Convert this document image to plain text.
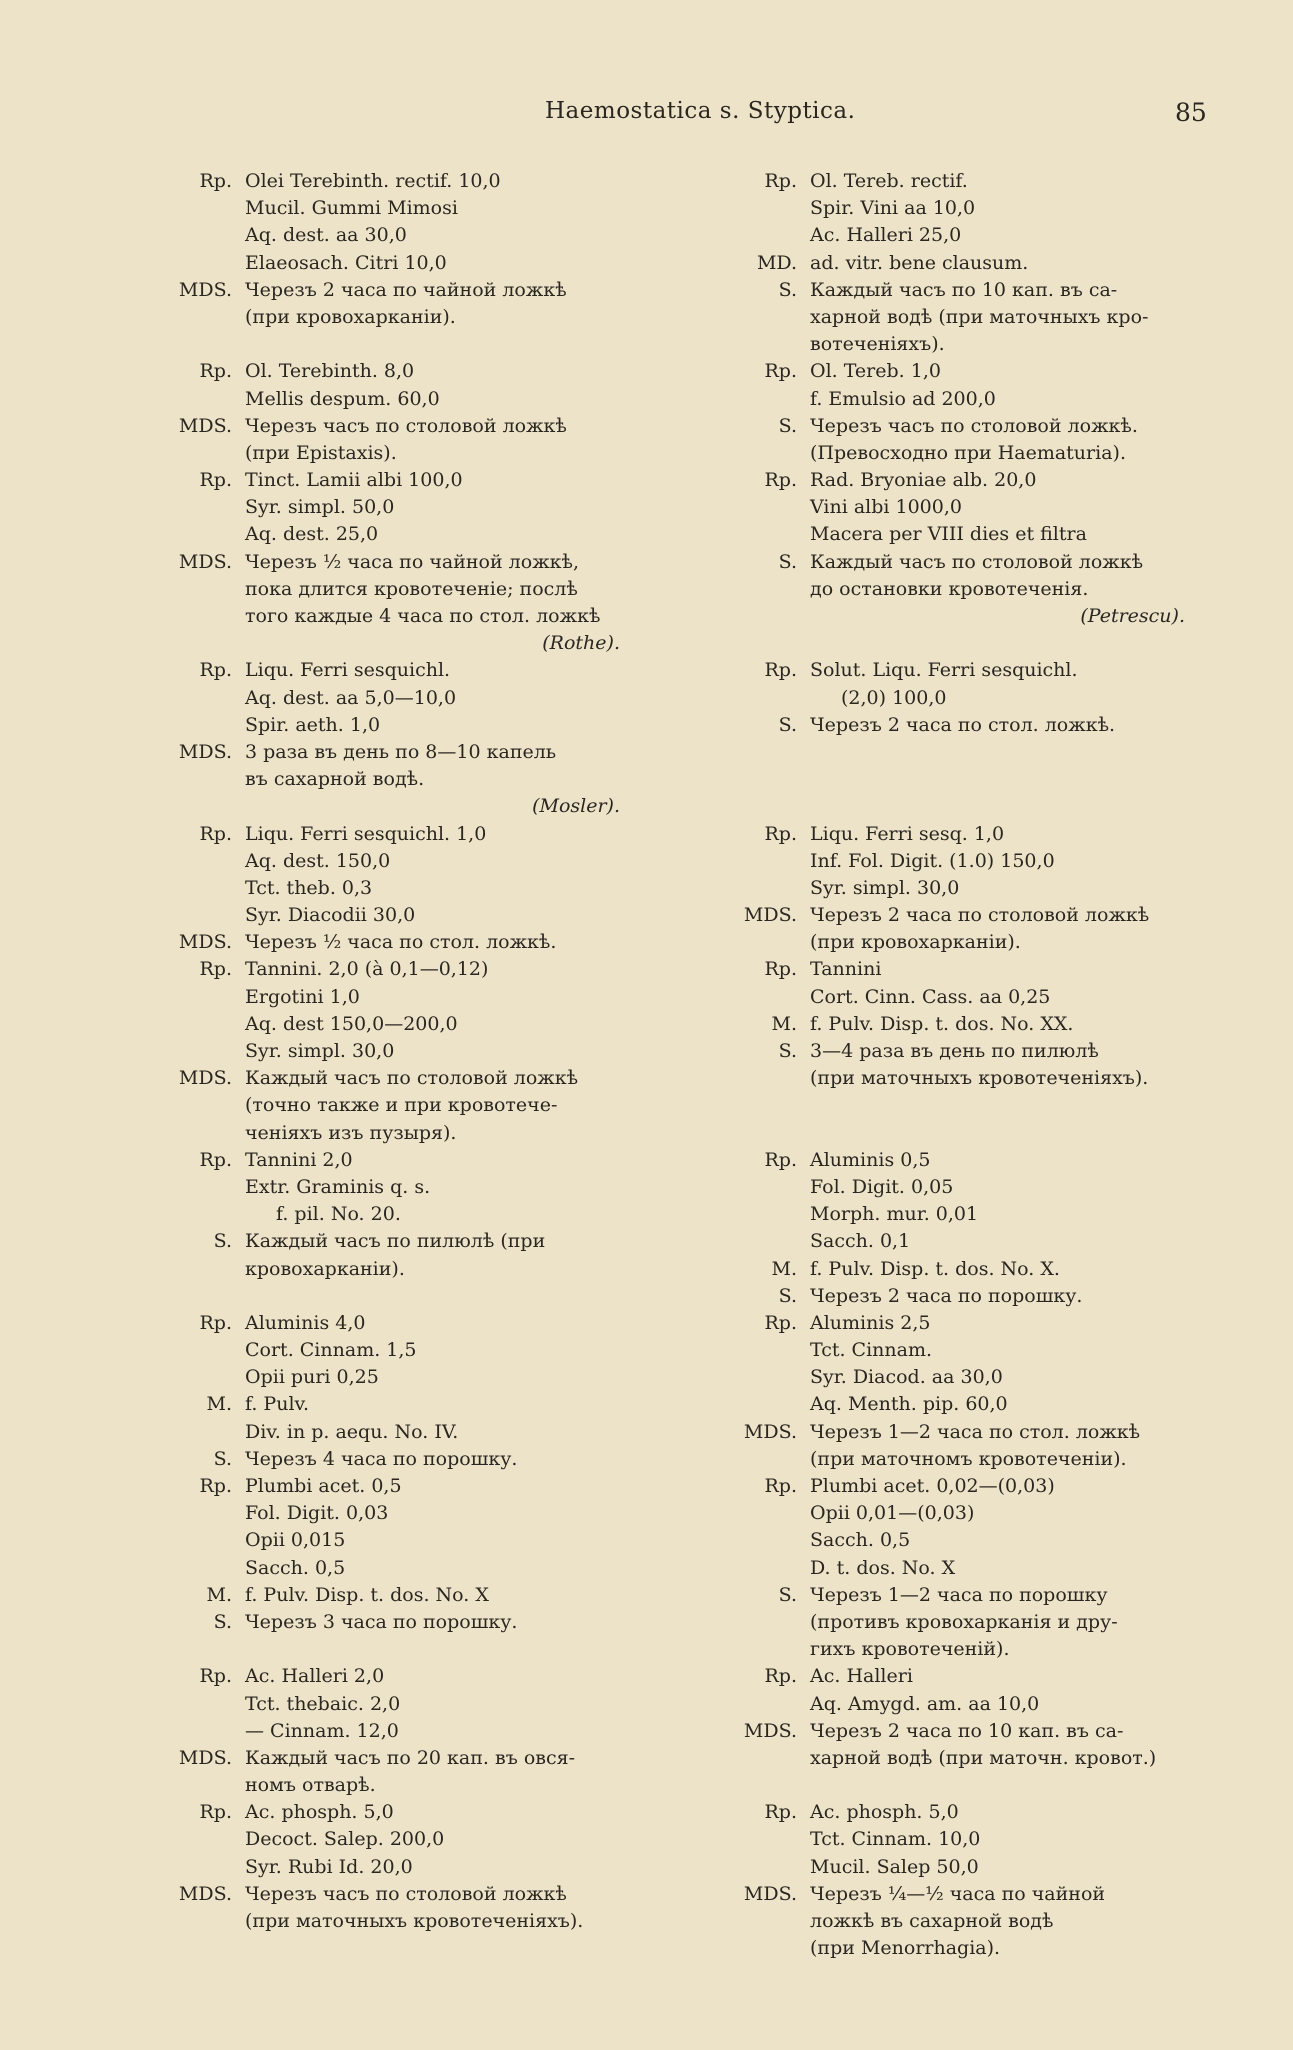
Haemostatica s. Styptica.	85
Rp. Olei Terebinth. rectif. 10,0
Mucil. Gummi Mimosi
Aq. dest. aa 30,0
Elaeosach. Citri 10,0
MDS. Черезъ 2 часа по чайной ложкѣ
(при кровохарканіи).
Rp. Ol. Terebinth. 8,0
Mellis despum. 60,0
MDS. Черезъ часъ по столовой ложкѣ
(при Epistaxis).
Rp. Tinct. Lamii albi 100,0
Syr. simpl. 50,0
Aq. dest. 25,0
MDS. Черезъ ½ часа по чайной ложкѣ,
пока длится кровотеченіе; послѣ
того каждые 4 часа по стол. ложкѣ
(Rothe).
Rp. Liqu. Ferri sesquichl.
Aq. dest. aa 5,0—10,0
Spir. aeth. 1,0
MDS. 3 раза въ день по 8—10 капель
въ сахарной водѣ.
(Mosler).
Rp. Liqu. Ferri sesquichl. 1,0
Aq. dest. 150,0
Tct. theb. 0,3
Syr. Diacodii 30,0
MDS. Черезъ ½ часа по стол. ложкѣ.
Rp. Tannini. 2,0 (à 0,1—0,12)
Ergotini 1,0
Aq. dest 150,0—200,0
Syr. simpl. 30,0
MDS. Каждый часъ по столовой ложкѣ
(точно также и при кровотече-
ченіяхъ изъ пузыря).
Rp. Tannini 2,0
Extr. Graminis q. s.
f. pil. No. 20.
S. Каждый часъ по пилюлѣ (при
кровохарканіи).
Rp. Aluminis 4,0
Cort. Cinnam. 1,5
Opii puri 0,25
M. f. Pulv.
Div. in p. aequ. No. IV.
S. Черезъ 4 часа по порошку.
Rp. Plumbi acet. 0,5
Fol. Digit. 0,03
Opii 0,015
Sacch. 0,5
M. f. Pulv. Disp. t. dos. No. X
S. Черезъ 3 часа по порошку.
Rp. Ac. Halleri 2,0
Tct. thebaic. 2,0
— Cinnam. 12,0
MDS. Каждый часъ по 20 кап. въ овся-
номъ отварѣ.
Rp. Ac. phosph. 5,0
Decoct. Salep. 200,0
Syr. Rubi Id. 20,0
MDS. Черезъ часъ по столовой ложкѣ
(при маточныхъ кровотеченіяхъ).
Rp. Ol. Tereb. rectif.
Spir. Vini aa 10,0
Ac. Halleri 25,0
MD. ad. vitr. bene clausum.
S. Каждый часъ по 10 кап. въ са-
харной водѣ (при маточныхъ кро-
вотеченіяхъ).
Rp. Ol. Tereb. 1,0
f. Emulsio ad 200,0
S. Черезъ часъ по столовой ложкѣ.
(Превосходно при Haematuria).
Rp. Rad. Bryoniae alb. 20,0
Vini albi 1000,0
Macera per VIII dies et filtra
S. Каждый часъ по столовой ложкѣ
до остановки кровотеченія.
(Petrescu).
Rp. Solut. Liqu. Ferri sesquichl.
(2,0) 100,0
S. Черезъ 2 часа по стол. ложкѣ.
Rp. Liqu. Ferri sesq. 1,0
Inf. Fol. Digit. (1.0) 150,0
Syr. simpl. 30,0
MDS. Черезъ 2 часа по столовой ложкѣ
(при кровохарканіи).
Rp. Tannini
Cort. Cinn. Cass. aa 0,25
M. f. Pulv. Disp. t. dos. No. XX.
S. 3—4 раза въ день по пилюлѣ
(при маточныхъ кровотеченіяхъ).
Rp. Aluminis 0,5
Fol. Digit. 0,05
Morph. mur. 0,01
Sacch. 0,1
M. f. Pulv. Disp. t. dos. No. X.
S. Черезъ 2 часа по порошку.
Rp. Aluminis 2,5
Tct. Cinnam.
Syr. Diacod. aa 30,0
Aq. Menth. pip. 60,0
MDS. Черезъ 1—2 часа по стол. ложкѣ
(при маточномъ кровотеченіи).
Rp. Plumbi acet. 0,02—(0,03)
Opii 0,01—(0,03)
Sacch. 0,5
D. t. dos. No. X
S. Черезъ 1—2 часа по порошку
(противъ кровохарканія и дру-
гихъ кровотеченій).
Rp. Ac. Halleri
Aq. Amygd. am. aa 10,0
MDS. Черезъ 2 часа по 10 кап. въ са-
харной водѣ (при маточн. кровот.)
Rp. Ac. phosph. 5,0
Tct. Cinnam. 10,0
Mucil. Salep 50,0
MDS. Черезъ ¼—½ часа по чайной
ложкѣ въ сахарной водѣ
(при Menorrhagia).
